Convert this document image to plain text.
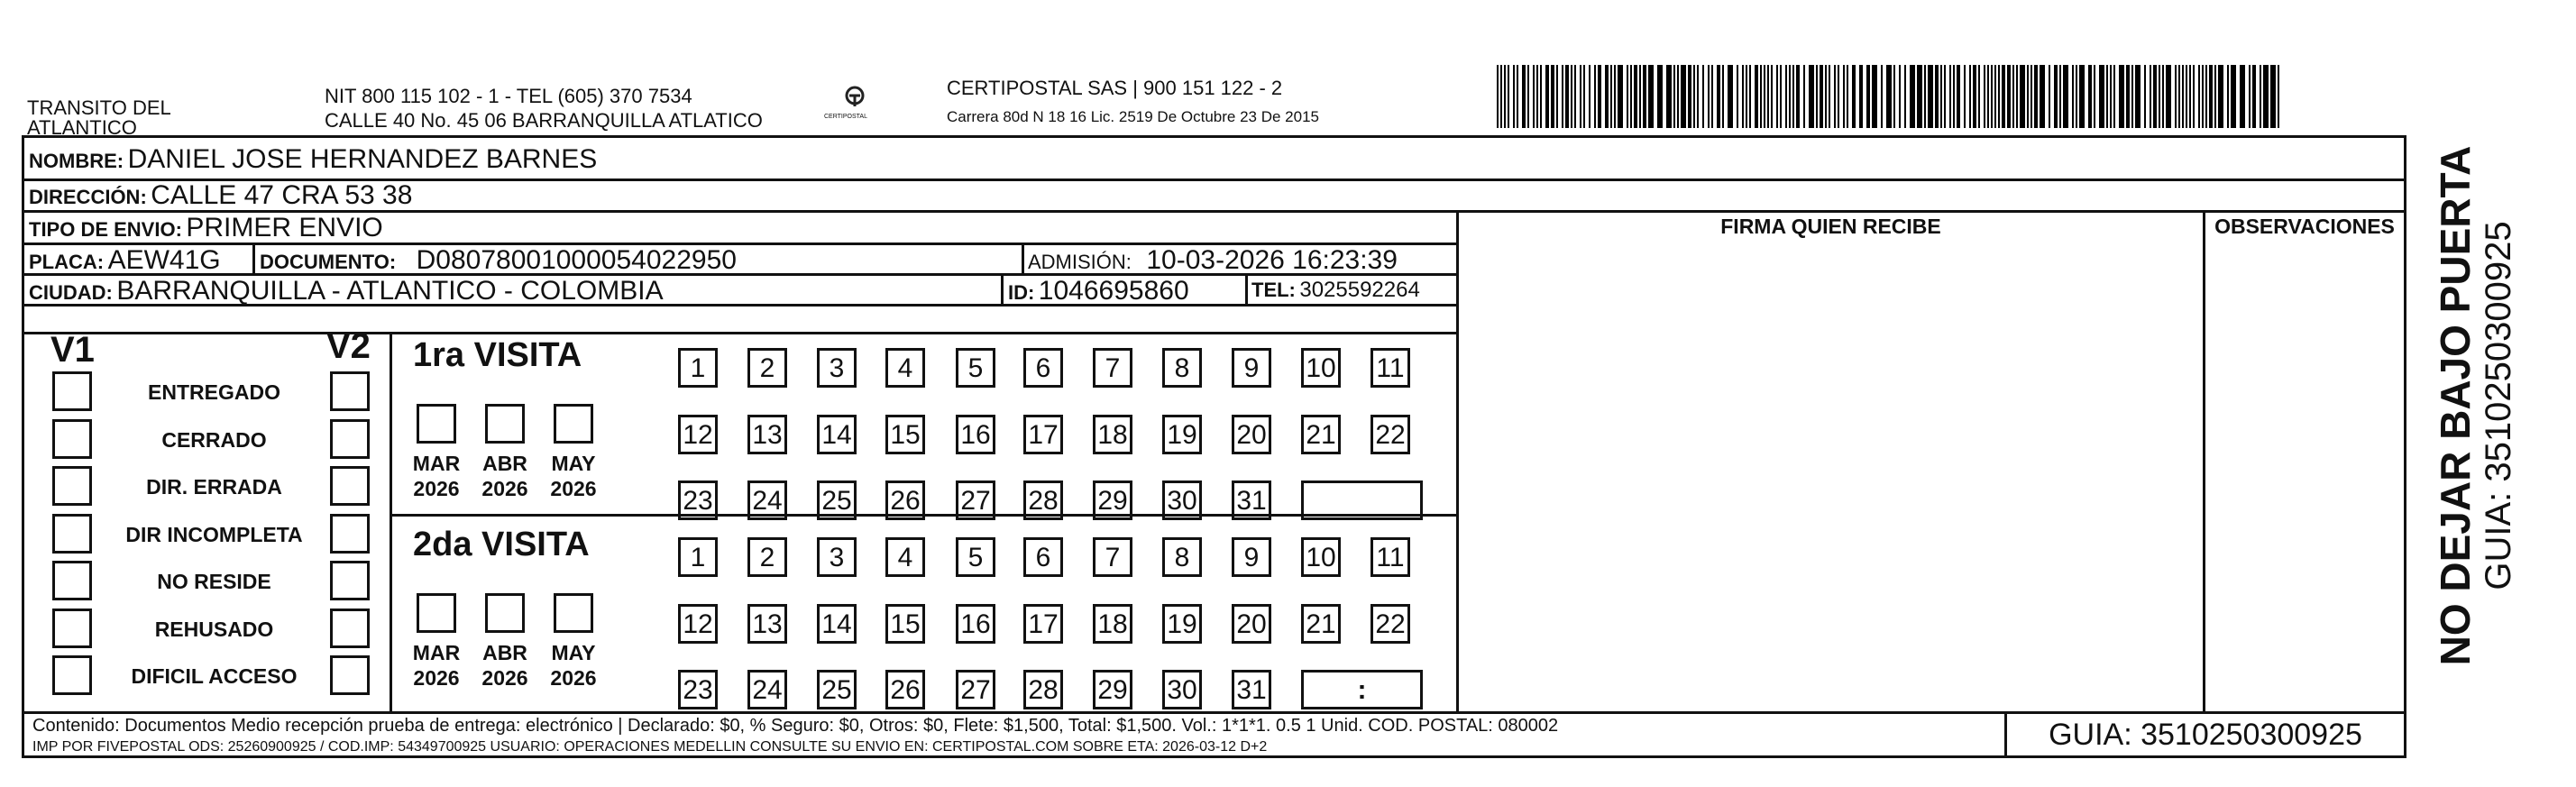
TRANSITO DEL
ATLANTICO
NIT 800 115 102 - 1 - TEL (605) 370 7534
CALLE 40 No. 45 06 BARRANQUILLA ATLATICO	CERTIPOSTAL
CERTIPOSTAL SAS | 900 151 122 - 2
Carrera 80d N 18 16 Lic. 2519 De Octubre 23 De 2015
NOMBRE: DANIEL JOSE HERNANDEZ BARNES
DIRECCIÓN: CALLE 47 CRA 53 38
TIPO DE ENVIO: PRIMER ENVIO
PLACA: AEW41G DOCUMENTO: D08078001000054022950	ADMISIÓN: 10-03-2026 16:23:39
CIUDAD: BARRANQUILLA - ATLANTICO - COLOMBIA	ID: 1046695860	TEL: 3025592264
FIRMA QUIEN RECIBE	OBSERVACIONES
V1	V2
ENTREGADO
CERRADO
DIR. ERRADA
DIR INCOMPLETA
NO RESIDE
REHUSADO
DIFICIL ACCESO
1ra VISITA
MAR
2026
ABR
2026
MAY
2026
1	2	3	4	5	6	7	8	9	10 11
12 13 14 15 16 17 18 19 20 21 22
23 24 25 26 27 28 29 30 31
2da VISITA
MAR
2026
ABR
2026
MAY
2026
1	2	3	4	5	6	7	8	9	10 11
12 13 14 15 16 17 18 19 20 21 22
23 24 25 26 27 28 29 30 31	:
Contenido: Documentos Medio recepción prueba de entrega: electrónico | Declarado: $0, % Seguro: $0, Otros: $0, Flete: $1,500, Total: $1,500. Vol.: 1*1*1. 0.5 1 Unid. COD. POSTAL: 080002
IMP POR FIVEPOSTAL ODS: 25260900925 / COD.IMP: 54349700925 USUARIO: OPERACIONES MEDELLIN CONSULTE SU ENVIO EN: CERTIPOSTAL.COM SOBRE ETA: 2026-03-12 D+2	GUIA: 3510250300925
NO DEJAR BAJO PUERTA GUIA: 3510250300925
